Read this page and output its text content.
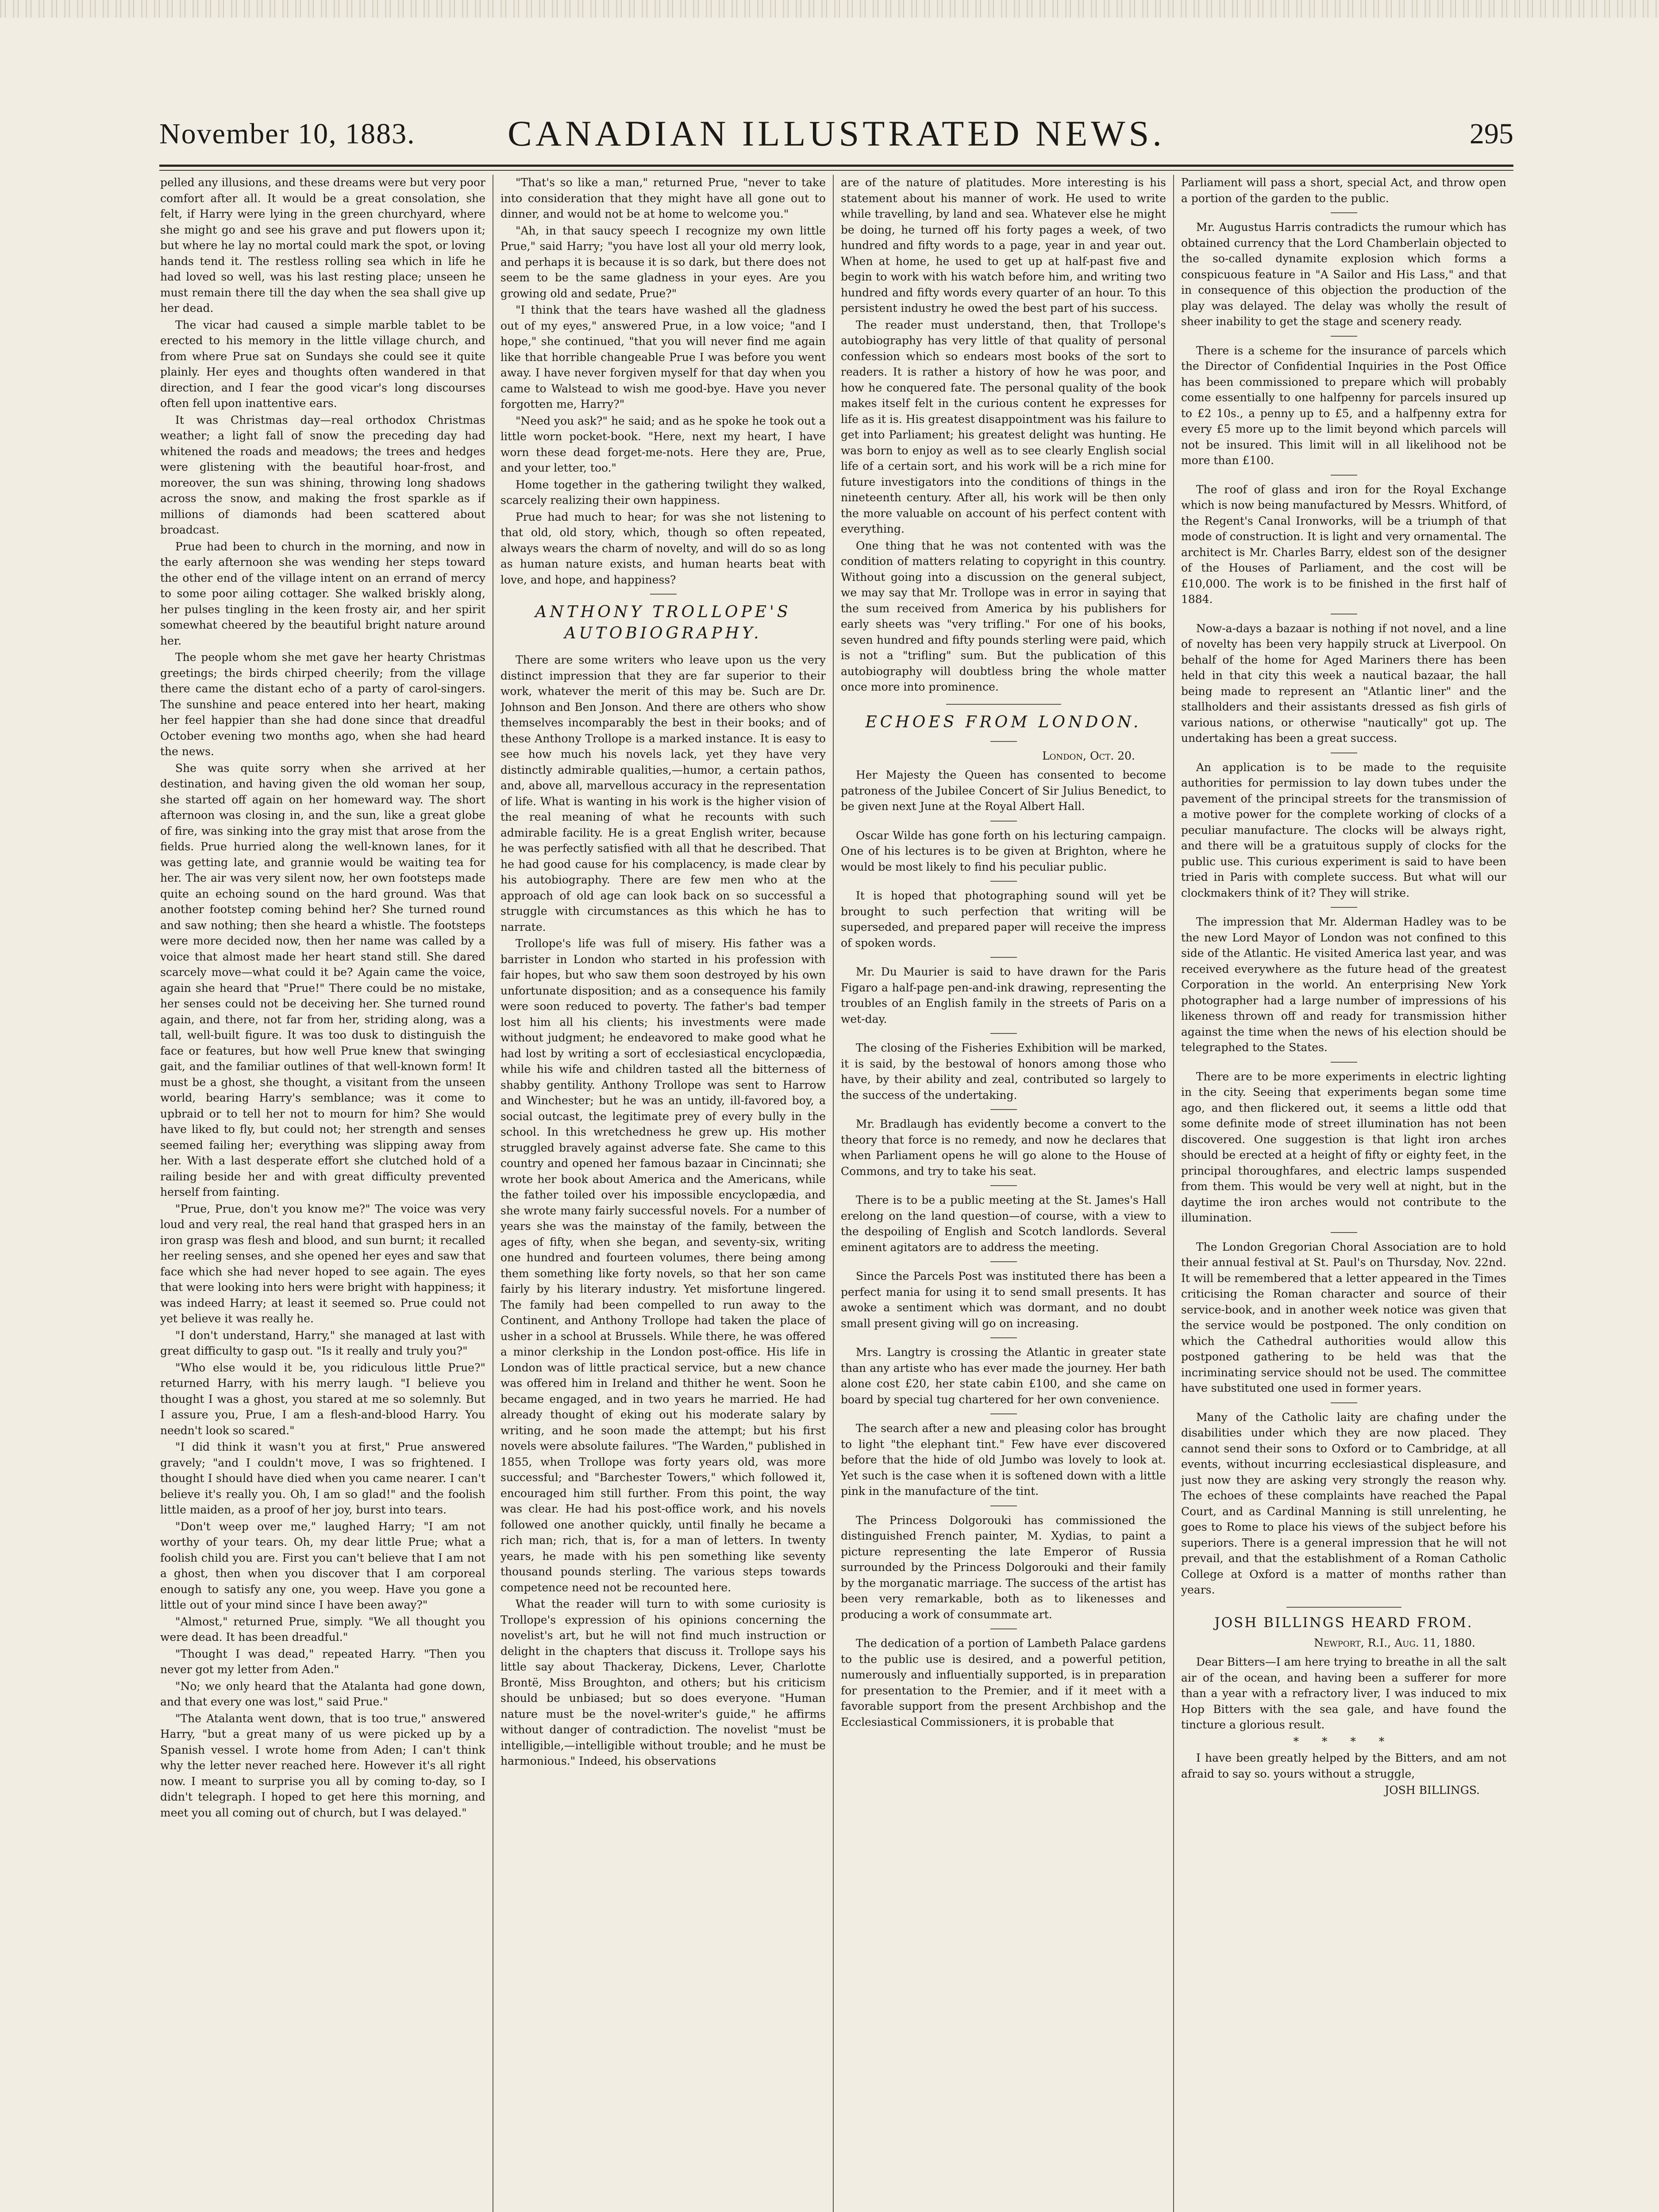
November 10, 1883.	CANADIAN ILLUSTRATED NEWS.	295

pelled any illusions, and these dreams were but very poor comfort after all. It would be a great consolation, she felt, if Harry were lying in the green churchyard, where she might go and see his grave and put flowers upon it; but where he lay no mortal could mark the spot, or loving hands tend it. The restless rolling sea which in life he had loved so well, was his last resting place; unseen he must remain there till the day when the sea shall give up her dead.

The vicar had caused a simple marble tablet to be erected to his memory in the little village church, and from where Prue sat on Sundays she could see it quite plainly. Her eyes and thoughts often wandered in that direction, and I fear the good vicar's long discourses often fell upon inattentive ears.

It was Christmas day—real orthodox Christmas weather; a light fall of snow the preceding day had whitened the roads and meadows; the trees and hedges were glistening with the beautiful hoar-frost, and moreover, the sun was shining, throwing long shadows across the snow, and making the frost sparkle as if millions of diamonds had been scattered about broadcast.

Prue had been to church in the morning, and now in the early afternoon she was wending her steps toward the other end of the village intent on an errand of mercy to some poor ailing cottager. She walked briskly along, her pulses tingling in the keen frosty air, and her spirit somewhat cheered by the beautiful bright nature around her.

The people whom she met gave her hearty Christmas greetings; the birds chirped cheerily; from the village there came the distant echo of a party of carol-singers. The sunshine and peace entered into her heart, making her feel happier than she had done since that dreadful October evening two months ago, when she had heard the news.

She was quite sorry when she arrived at her destination, and having given the old woman her soup, she started off again on her homeward way. The short afternoon was closing in, and the sun, like a great globe of fire, was sinking into the gray mist that arose from the fields. Prue hurried along the well-known lanes, for it was getting late, and grannie would be waiting tea for her. The air was very silent now, her own footsteps made quite an echoing sound on the hard ground. Was that another footstep coming behind her? She turned round and saw nothing; then she heard a whistle. The footsteps were more decided now, then her name was called by a voice that almost made her heart stand still. She dared scarcely move—what could it be? Again came the voice, again she heard that "Prue!" There could be no mistake, her senses could not be deceiving her. She turned round again, and there, not far from her, striding along, was a tall, well-built figure. It was too dusk to distinguish the face or features, but how well Prue knew that swinging gait, and the familiar outlines of that well-known form! It must be a ghost, she thought, a visitant from the unseen world, bearing Harry's semblance; was it come to upbraid or to tell her not to mourn for him? She would have liked to fly, but could not; her strength and senses seemed failing her; everything was slipping away from her. With a last desperate effort she clutched hold of a railing beside her and with great difficulty prevented herself from fainting.

"Prue, Prue, don't you know me?" The voice was very loud and very real, the real hand that grasped hers in an iron grasp was flesh and blood, and sun burnt; it recalled her reeling senses, and she opened her eyes and saw that face which she had never hoped to see again. The eyes that were looking into hers were bright with happiness; it was indeed Harry; at least it seemed so. Prue could not yet believe it was really he.

"I don't understand, Harry," she managed at last with great difficulty to gasp out. "Is it really and truly you?"

"Who else would it be, you ridiculous little Prue?" returned Harry, with his merry laugh. "I believe you thought I was a ghost, you stared at me so solemnly. But I assure you, Prue, I am a flesh-and-blood Harry. You needn't look so scared."

"I did think it wasn't you at first," Prue answered gravely; "and I couldn't move, I was so frightened. I thought I should have died when you came nearer. I can't believe it's really you. Oh, I am so glad!" and the foolish little maiden, as a proof of her joy, burst into tears.

"Don't weep over me," laughed Harry; "I am not worthy of your tears. Oh, my dear little Prue; what a foolish child you are. First you can't believe that I am not a ghost, then when you discover that I am corporeal enough to satisfy any one, you weep. Have you gone a little out of your mind since I have been away?"

"Almost," returned Prue, simply. "We all thought you were dead. It has been dreadful."

"Thought I was dead," repeated Harry. "Then you never got my letter from Aden."

"No; we only heard that the Atalanta had gone down, and that every one was lost," said Prue."

"The Atalanta went down, that is too true," answered Harry, "but a great many of us were picked up by a Spanish vessel. I wrote home from Aden; I can't think why the letter never reached here. However it's all right now. I meant to surprise you all by coming to-day, so I didn't telegraph. I hoped to get here this morning, and meet you all coming out of church, but I was delayed."

"That's so like a man," returned Prue, "never to take into consideration that they might have all gone out to dinner, and would not be at home to welcome you."

"Ah, in that saucy speech I recognize my own little Prue," said Harry; "you have lost all your old merry look, and perhaps it is because it is so dark, but there does not seem to be the same gladness in your eyes. Are you growing old and sedate, Prue?"

"I think that the tears have washed all the gladness out of my eyes," answered Prue, in a low voice; "and I hope," she continued, "that you will never find me again like that horrible changeable Prue I was before you went away. I have never forgiven myself for that day when you came to Walstead to wish me good-bye. Have you never forgotten me, Harry?"

"Need you ask?" he said; and as he spoke he took out a little worn pocket-book. "Here, next my heart, I have worn these dead forget-me-nots. Here they are, Prue, and your letter, too."

Home together in the gathering twilight they walked, scarcely realizing their own happiness.

Prue had much to hear; for was she not listening to that old, old story, which, though so often repeated, always wears the charm of novelty, and will do so as long as human nature exists, and human hearts beat with love, and hope, and happiness?

ANTHONY TROLLOPE'S
AUTOBIOGRAPHY.

There are some writers who leave upon us the very distinct impression that they are far superior to their work, whatever the merit of this may be. Such are Dr. Johnson and Ben Jonson. And there are others who show themselves incomparably the best in their books; and of these Anthony Trollope is a marked instance. It is easy to see how much his novels lack, yet they have very distinctly admirable qualities,—humor, a certain pathos, and, above all, marvellous accuracy in the representation of life. What is wanting in his work is the higher vision of the real meaning of what he recounts with such admirable facility. He is a great English writer, because he was perfectly satisfied with all that he described. That he had good cause for his complacency, is made clear by his autobiography. There are few men who at the approach of old age can look back on so successful a struggle with circumstances as this which he has to narrate.

Trollope's life was full of misery. His father was a barrister in London who started in his profession with fair hopes, but who saw them soon destroyed by his own unfortunate disposition; and as a consequence his family were soon reduced to poverty. The father's bad temper lost him all his clients; his investments were made without judgment; he endeavored to make good what he had lost by writing a sort of ecclesiastical encyclopædia, while his wife and children tasted all the bitterness of shabby gentility. Anthony Trollope was sent to Harrow and Winchester; but he was an untidy, ill-favored boy, a social outcast, the legitimate prey of every bully in the school. In this wretchedness he grew up. His mother struggled bravely against adverse fate. She came to this country and opened her famous bazaar in Cincinnati; she wrote her book about America and the Americans, while the father toiled over his impossible encyclopædia, and she wrote many fairly successful novels. For a number of years she was the mainstay of the family, between the ages of fifty, when she began, and seventy-six, writing one hundred and fourteen volumes, there being among them something like forty novels, so that her son came fairly by his literary industry. Yet misfortune lingered. The family had been compelled to run away to the Continent, and Anthony Trollope had taken the place of usher in a school at Brussels. While there, he was offered a minor clerkship in the London post-office. His life in London was of little practical service, but a new chance was offered him in Ireland and thither he went. Soon he became engaged, and in two years he married. He had already thought of eking out his moderate salary by writing, and he soon made the attempt; but his first novels were absolute failures. "The Warden," published in 1855, when Trollope was forty years old, was more successful; and "Barchester Towers," which followed it, encouraged him still further. From this point, the way was clear. He had his post-office work, and his novels followed one another quickly, until finally he became a rich man; rich, that is, for a man of letters. In twenty years, he made with his pen something like seventy thousand pounds sterling. The various steps towards competence need not be recounted here.

What the reader will turn to with some curiosity is Trollope's expression of his opinions concerning the novelist's art, but he will not find much instruction or delight in the chapters that discuss it. Trollope says his little say about Thackeray, Dickens, Lever, Charlotte Brontë, Miss Broughton, and others; but his criticism should be unbiased; but so does everyone. "Human nature must be the novel-writer's guide," he affirms without danger of contradiction. The novelist "must be intelligible,—intelligible without trouble; and he must be harmonious." Indeed, his observations

are of the nature of platitudes. More interesting is his statement about his manner of work. He used to write while travelling, by land and sea. Whatever else he might be doing, he turned off his forty pages a week, of two hundred and fifty words to a page, year in and year out. When at home, he used to get up at half-past five and begin to work with his watch before him, and writing two hundred and fifty words every quarter of an hour. To this persistent industry he owed the best part of his success.

The reader must understand, then, that Trollope's autobiography has very little of that quality of personal confession which so endears most books of the sort to readers. It is rather a history of how he was poor, and how he conquered fate. The personal quality of the book makes itself felt in the curious content he expresses for life as it is. His greatest disappointment was his failure to get into Parliament; his greatest delight was hunting. He was born to enjoy as well as to see clearly English social life of a certain sort, and his work will be a rich mine for future investigators into the conditions of things in the nineteenth century. After all, his work will be then only the more valuable on account of his perfect content with everything.

One thing that he was not contented with was the condition of matters relating to copyright in this country. Without going into a discussion on the general subject, we may say that Mr. Trollope was in error in saying that the sum received from America by his publishers for early sheets was "very trifling." For one of his books, seven hundred and fifty pounds sterling were paid, which is not a "trifling" sum. But the publication of this autobiography will doubtless bring the whole matter once more into prominence.

ECHOES FROM LONDON.
London, Oct. 20.

Her Majesty the Queen has consented to become patroness of the Jubilee Concert of Sir Julius Benedict, to be given next June at the Royal Albert Hall.

Oscar Wilde has gone forth on his lecturing campaign. One of his lectures is to be given at Brighton, where he would be most likely to find his peculiar public.

It is hoped that photographing sound will yet be brought to such perfection that writing will be superseded, and prepared paper will receive the impress of spoken words.

Mr. Du Maurier is said to have drawn for the Paris Figaro a half-page pen-and-ink drawing, representing the troubles of an English family in the streets of Paris on a wet-day.

The closing of the Fisheries Exhibition will be marked, it is said, by the bestowal of honors among those who have, by their ability and zeal, contributed so largely to the success of the undertaking.

Mr. Bradlaugh has evidently become a convert to the theory that force is no remedy, and now he declares that when Parliament opens he will go alone to the House of Commons, and try to take his seat.

There is to be a public meeting at the St. James's Hall erelong on the land question—of course, with a view to the despoiling of English and Scotch landlords. Several eminent agitators are to address the meeting.

Since the Parcels Post was instituted there has been a perfect mania for using it to send small presents. It has awoke a sentiment which was dormant, and no doubt small present giving will go on increasing.

Mrs. Langtry is crossing the Atlantic in greater state than any artiste who has ever made the journey. Her bath alone cost £20, her state cabin £100, and she came on board by special tug chartered for her own convenience.

The search after a new and pleasing color has brought to light "the elephant tint." Few have ever discovered before that the hide of old Jumbo was lovely to look at. Yet such is the case when it is softened down with a little pink in the manufacture of the tint.

The Princess Dolgorouki has commissioned the distinguished French painter, M. Xydias, to paint a picture representing the late Emperor of Russia surrounded by the Princess Dolgorouki and their family by the morganatic marriage. The success of the artist has been very remarkable, both as to likenesses and producing a work of consummate art.

The dedication of a portion of Lambeth Palace gardens to the public use is desired, and a powerful petition, numerously and influentially supported, is in preparation for presentation to the Premier, and if it meet with a favorable support from the present Archbishop and the Ecclesiastical Commissioners, it is probable that

Parliament will pass a short, special Act, and throw open a portion of the garden to the public.

Mr. Augustus Harris contradicts the rumour which has obtained currency that the Lord Chamberlain objected to the so-called dynamite explosion which forms a conspicuous feature in "A Sailor and His Lass," and that in consequence of this objection the production of the play was delayed. The delay was wholly the result of sheer inability to get the stage and scenery ready.

There is a scheme for the insurance of parcels which the Director of Confidential Inquiries in the Post Office has been commissioned to prepare which will probably come essentially to one halfpenny for parcels insured up to £2 10s., a penny up to £5, and a halfpenny extra for every £5 more up to the limit beyond which parcels will not be insured. This limit will in all likelihood not be more than £100.

The roof of glass and iron for the Royal Exchange which is now being manufactured by Messrs. Whitford, of the Regent's Canal Ironworks, will be a triumph of that mode of construction. It is light and very ornamental. The architect is Mr. Charles Barry, eldest son of the designer of the Houses of Parliament, and the cost will be £10,000. The work is to be finished in the first half of 1884.

Now-a-days a bazaar is nothing if not novel, and a line of novelty has been very happily struck at Liverpool. On behalf of the home for Aged Mariners there has been held in that city this week a nautical bazaar, the hall being made to represent an "Atlantic liner" and the stallholders and their assistants dressed as fish girls of various nations, or otherwise "nautically" got up. The undertaking has been a great success.

An application is to be made to the requisite authorities for permission to lay down tubes under the pavement of the principal streets for the transmission of a motive power for the complete working of clocks of a peculiar manufacture. The clocks will be always right, and there will be a gratuitous supply of clocks for the public use. This curious experiment is said to have been tried in Paris with complete success. But what will our clockmakers think of it? They will strike.

The impression that Mr. Alderman Hadley was to be the new Lord Mayor of London was not confined to this side of the Atlantic. He visited America last year, and was received everywhere as the future head of the greatest Corporation in the world. An enterprising New York photographer had a large number of impressions of his likeness thrown off and ready for transmission hither against the time when the news of his election should be telegraphed to the States.

There are to be more experiments in electric lighting in the city. Seeing that experiments began some time ago, and then flickered out, it seems a little odd that some definite mode of street illumination has not been discovered. One suggestion is that light iron arches should be erected at a height of fifty or eighty feet, in the principal thoroughfares, and electric lamps suspended from them. This would be very well at night, but in the daytime the iron arches would not contribute to the illumination.

The London Gregorian Choral Association are to hold their annual festival at St. Paul's on Thursday, Nov. 22nd. It will be remembered that a letter appeared in the Times criticising the Roman character and source of their service-book, and in another week notice was given that the service would be postponed. The only condition on which the Cathedral authorities would allow this postponed gathering to be held was that the incriminating service should not be used. The committee have substituted one used in former years.

Many of the Catholic laity are chafing under the disabilities under which they are now placed. They cannot send their sons to Oxford or to Cambridge, at all events, without incurring ecclesiastical displeasure, and just now they are asking very strongly the reason why. The echoes of these complaints have reached the Papal Court, and as Cardinal Manning is still unrelenting, he goes to Rome to place his views of the subject before his superiors. There is a general impression that he will not prevail, and that the establishment of a Roman Catholic College at Oxford is a matter of months rather than years.

JOSH BILLINGS HEARD FROM.
Newport, R.I., Aug. 11, 1880.

Dear Bitters—I am here trying to breathe in all the salt air of the ocean, and having been a sufferer for more than a year with a refractory liver, I was induced to mix Hop Bitters with the sea gale, and have found the tincture a glorious result.

* * * *

I have been greatly helped by the Bitters, and am not afraid to say so. yours without a struggle,

JOSH BILLINGS.
